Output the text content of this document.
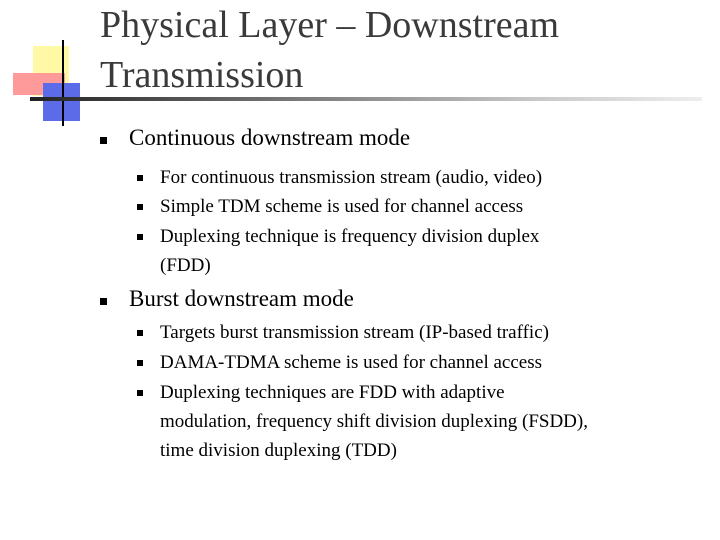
Physical Layer – Downstream
Transmission
Continuous downstream mode
For continuous transmission stream (audio, video)
Simple TDM scheme is used for channel access
Duplexing technique is frequency division duplex
(FDD)
Burst downstream mode
Targets burst transmission stream (IP-based traffic)
DAMA-TDMA scheme is used for channel access
Duplexing techniques are FDD with adaptive
modulation, frequency shift division duplexing (FSDD),
time division duplexing (TDD)
